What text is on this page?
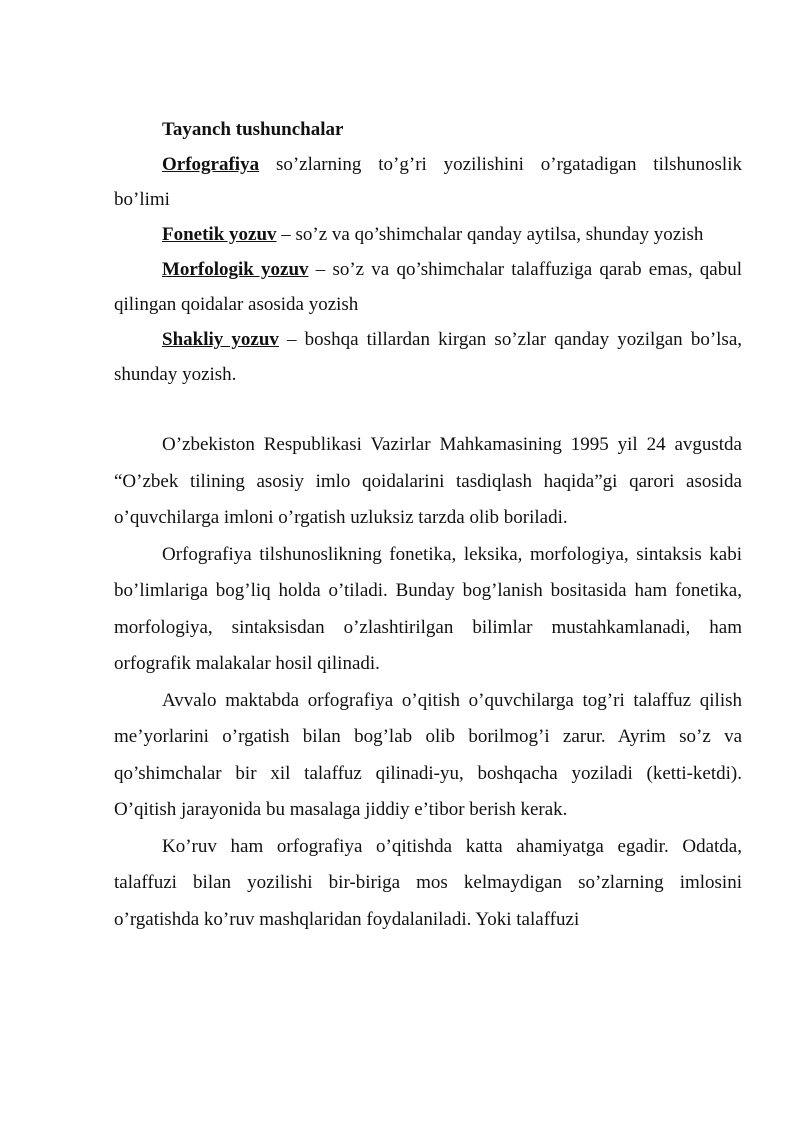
Tayanch tushunchalar

Orfografiya so’zlarning to’g’ri yozilishini o’rgatadigan tilshunoslik bo’limi

Fonetik yozuv – so’z va qo’shimchalar qanday aytilsa, shunday yozish

Morfologik yozuv – so’z va qo’shimchalar talaffuziga qarab emas, qabul qilingan qoidalar asosida yozish

Shakliy yozuv – boshqa tillardan kirgan so’zlar qanday yozilgan bo’lsa, shunday yozish.

O’zbekiston Respublikasi Vazirlar Mahkamasining 1995 yil 24 avgustda “O’zbek tilining asosiy imlo qoidalarini tasdiqlash haqida”gi qarori asosida o’quvchilarga imloni o’rgatish uzluksiz tarzda olib boriladi.

Orfografiya tilshunoslikning fonetika, leksika, morfologiya, sintaksis kabi bo’limlariga bog’liq holda o’tiladi. Bunday bog’lanish bositasida ham fonetika, morfologiya, sintaksisdan o’zlashtirilgan bilimlar mustahkamlanadi, ham orfografik malakalar hosil qilinadi.

Avvalo maktabda orfografiya o’qitish o’quvchilarga tog’ri talaffuz qilish me’yorlarini o’rgatish bilan bog’lab olib borilmog’i zarur. Ayrim so’z va qo’shimchalar bir xil talaffuz qilinadi-yu, boshqacha yoziladi (ketti-ketdi). O’qitish jarayonida bu masalaga jiddiy e’tibor berish kerak.

Ko’ruv ham orfografiya o’qitishda katta ahamiyatga egadir. Odatda, talaffuzi bilan yozilishi bir-biriga mos kelmaydigan so’zlarning imlosini o’rgatishda ko’ruv mashqlaridan foydalaniladi. Yoki talaffuzi
